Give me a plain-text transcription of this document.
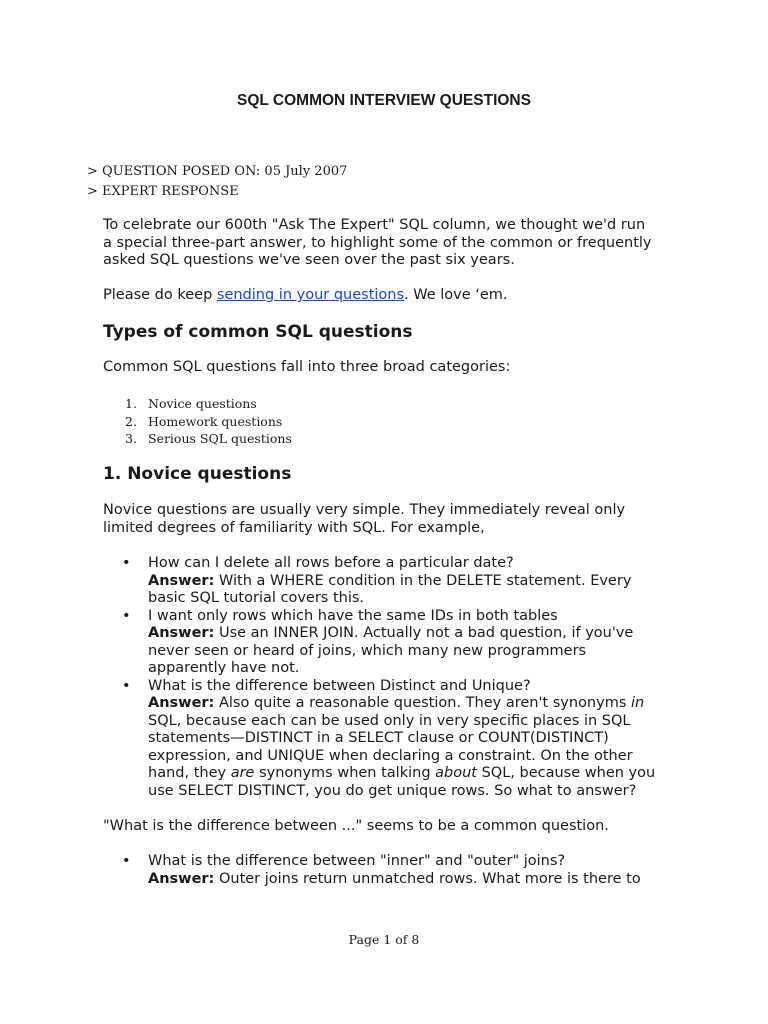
SQL COMMON INTERVIEW QUESTIONS
> QUESTION POSED ON: 05 July 2007
> EXPERT RESPONSE
To celebrate our 600th "Ask The Expert" SQL column, we thought we'd run
a special three-part answer, to highlight some of the common or frequently
asked SQL questions we've seen over the past six years.
Please do keep sending in your questions. We love ‘em.
Types of common SQL questions
Common SQL questions fall into three broad categories:
1. Novice questions
2. Homework questions
3. Serious SQL questions
1. Novice questions
Novice questions are usually very simple. They immediately reveal only
limited degrees of familiarity with SQL. For example,
• How can I delete all rows before a particular date?
Answer: With a WHERE condition in the DELETE statement. Every
basic SQL tutorial covers this.
• I want only rows which have the same IDs in both tables
Answer: Use an INNER JOIN. Actually not a bad question, if you've
never seen or heard of joins, which many new programmers
apparently have not.
• What is the difference between Distinct and Unique?
Answer: Also quite a reasonable question. They aren't synonyms in
SQL, because each can be used only in very specific places in SQL
statements—DISTINCT in a SELECT clause or COUNT(DISTINCT)
expression, and UNIQUE when declaring a constraint. On the other
hand, they are synonyms when talking about SQL, because when you
use SELECT DISTINCT, you do get unique rows. So what to answer?
"What is the difference between ..." seems to be a common question.
• What is the difference between "inner" and "outer" joins?
Answer: Outer joins return unmatched rows. What more is there to
Page 1 of 8
